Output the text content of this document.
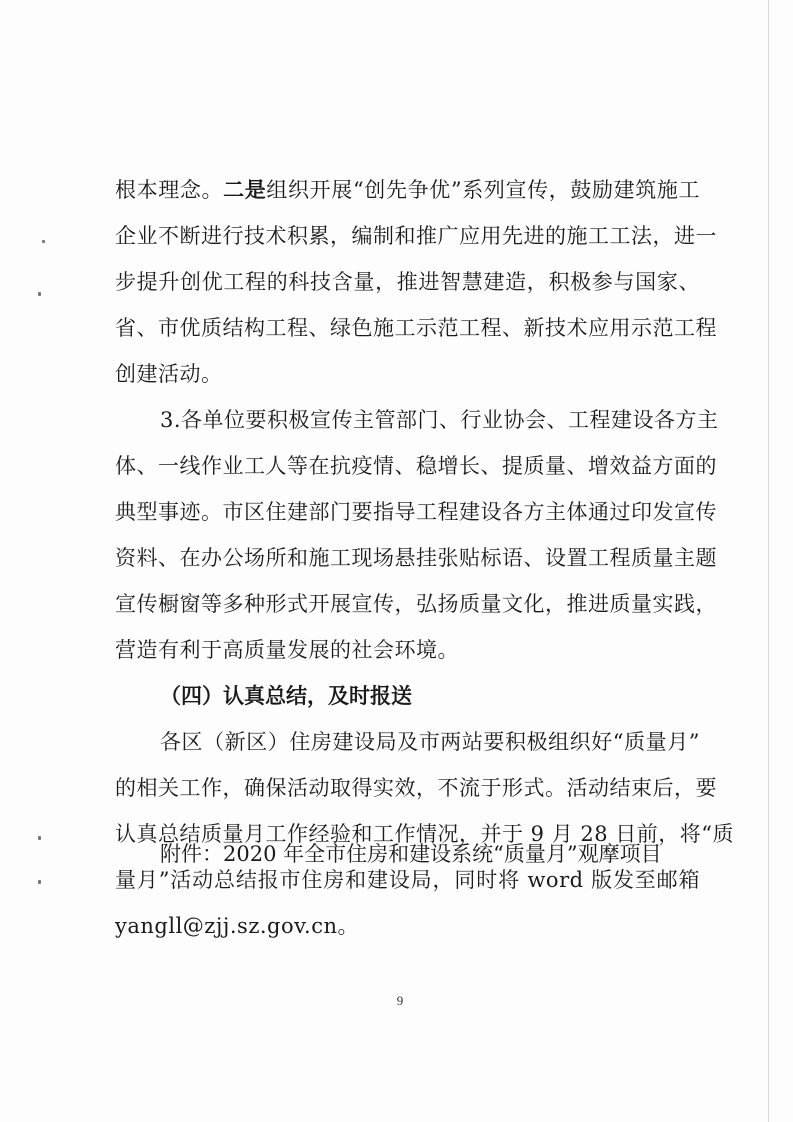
根本理念。二是组织开展“创先争优”系列宣传，鼓励建筑施工
企业不断进行技术积累，编制和推广应用先进的施工工法，进一
步提升创优工程的科技含量，推进智慧建造，积极参与国家、
省、市优质结构工程、绿色施工示范工程、新技术应用示范工程
创建活动。
3.各单位要积极宣传主管部门、行业协会、工程建设各方主
体、一线作业工人等在抗疫情、稳增长、提质量、增效益方面的
典型事迹。市区住建部门要指导工程建设各方主体通过印发宣传
资料、在办公场所和施工现场悬挂张贴标语、设置工程质量主题
宣传橱窗等多种形式开展宣传，弘扬质量文化，推进质量实践，
营造有利于高质量发展的社会环境。
（四）认真总结，及时报送
各区（新区）住房建设局及市两站要积极组织好“质量月”
的相关工作，确保活动取得实效，不流于形式。活动结束后，要
认真总结质量月工作经验和工作情况，并于 9 月 28 日前，将“质
量月”活动总结报市住房和建设局，同时将 word 版发至邮箱
yangll@zjj.sz.gov.cn。
附件：2020 年全市住房和建设系统“质量月”观摩项目
9
